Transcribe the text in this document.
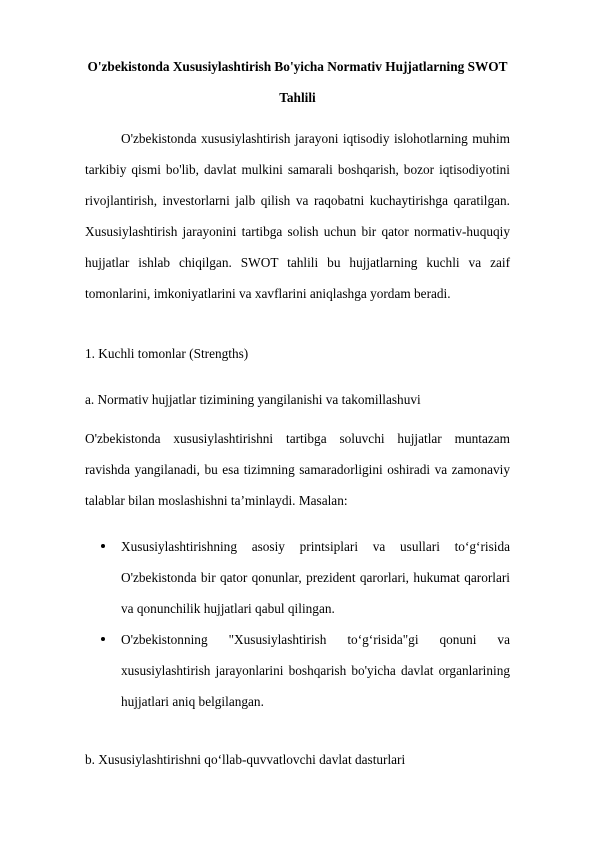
O'zbekistonda Xususiylashtirish Bo'yicha Normativ Hujjatlarning SWOT
Tahlili
O'zbekistonda xususiylashtirish jarayoni iqtisodiy islohotlarning muhim tarkibiy qismi bo'lib, davlat mulkini samarali boshqarish, bozor iqtisodiyotini rivojlantirish, investorlarni jalb qilish va raqobatni kuchaytirishga qaratilgan. Xususiylashtirish jarayonini tartibga solish uchun bir qator normativ-huquqiy hujjatlar ishlab chiqilgan. SWOT tahlili bu hujjatlarning kuchli va zaif tomonlarini, imkoniyatlarini va xavflarini aniqlashga yordam beradi.
1. Kuchli tomonlar (Strengths)
a. Normativ hujjatlar tizimining yangilanishi va takomillashuvi
O'zbekistonda xususiylashtirishni tartibga soluvchi hujjatlar muntazam ravishda yangilanadi, bu esa tizimning samaradorligini oshiradi va zamonaviy talablar bilan moslashishni ta’minlaydi. Masalan:
Xususiylashtirishning asosiy printsiplari va usullari to‘g‘risida O'zbekistonda bir qator qonunlar, prezident qarorlari, hukumat qarorlari va qonunchilik hujjatlari qabul qilingan.
O'zbekistonning "Xususiylashtirish to‘g‘risida"gi qonuni va xususiylashtirish jarayonlarini boshqarish bo'yicha davlat organlarining hujjatlari aniq belgilangan.
b. Xususiylashtirishni qo‘llab-quvvatlovchi davlat dasturlari
